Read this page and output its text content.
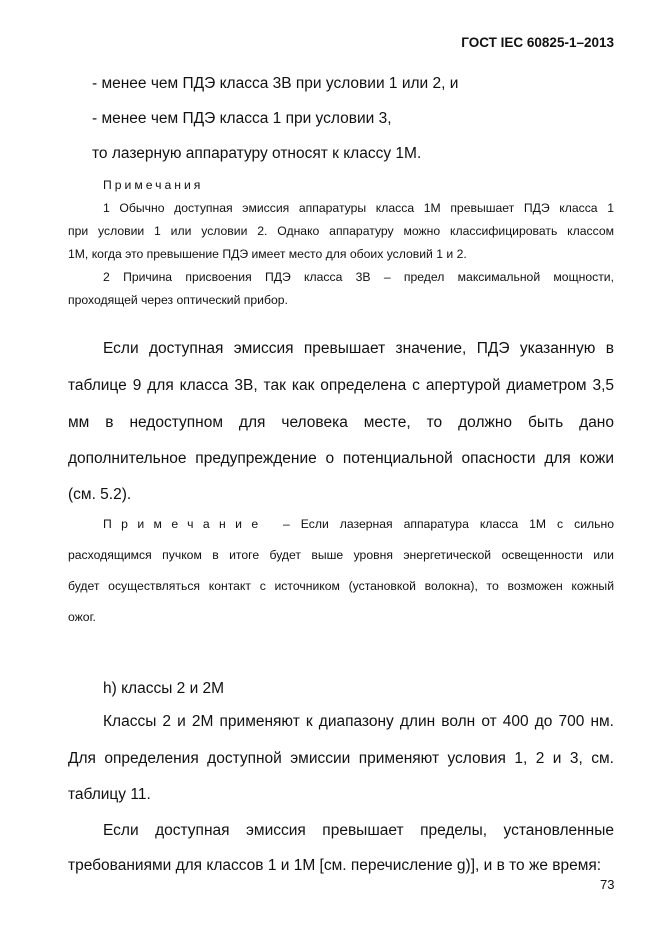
ГОСТ IEC 60825-1–2013
- менее чем ПДЭ класса 3В при условии 1 или 2, и
- менее чем ПДЭ класса 1 при условии 3,
то лазерную аппаратуру относят к классу 1М.
Примечания
1 Обычно доступная эмиссия аппаратуры класса 1М превышает ПДЭ класса 1
при условии 1 или условии 2. Однако аппаратуру можно классифицировать классом
1М, когда это превышение ПДЭ имеет место для обоих условий 1 и 2.
2 Причина присвоения ПДЭ класса 3В – предел максимальной мощности,
проходящей через оптический прибор.
Если доступная эмиссия превышает значение, ПДЭ указанную в
таблице 9 для класса 3В, так как определена с апертурой диаметром 3,5
мм в недоступном для человека месте, то должно быть дано
дополнительное предупреждение о потенциальной опасности для кожи
(см. 5.2).
Примечание – Если лазерная аппаратура класса 1М с сильно
расходящимся пучком в итоге будет выше уровня энергетической освещенности или
будет осуществляться контакт с источником (установкой волокна), то возможен кожный
ожог.
h) классы 2 и 2М
Классы 2 и 2М применяют к диапазону длин волн от 400 до 700 нм.
Для определения доступной эмиссии применяют условия 1, 2 и 3, см.
таблицу 11.
Если доступная эмиссия превышает пределы, установленные
требованиями для классов 1 и 1М [см. перечисление g)], и в то же время:
73
